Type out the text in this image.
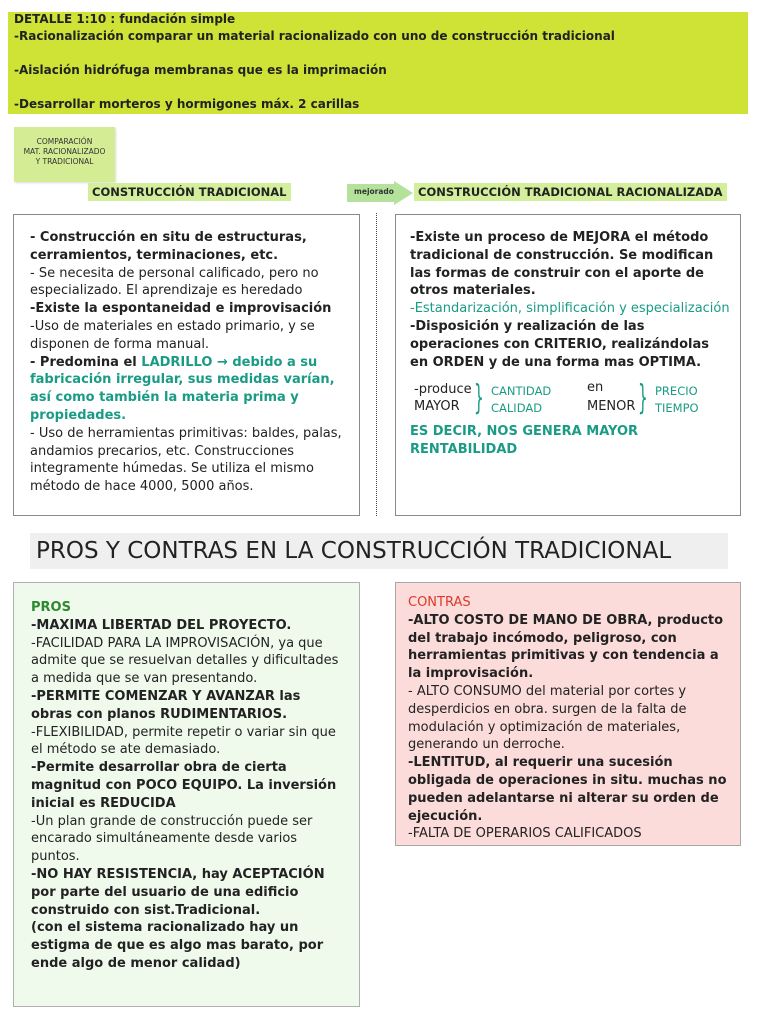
DETALLE 1:10 : fundación simple
-Racionalización comparar un material racionalizado con uno de construcción tradicional
-Aislación hidrófuga membranas que es la imprimación
-Desarrollar morteros y hormigones máx. 2 carillas
COMPARACIÓN
MAT. RACIONALIZADO
Y TRADICIONAL
CONSTRUCCIÓN TRADICIONAL	mejorado	CONSTRUCCIÓN TRADICIONAL RACIONALIZADA
- Construcción en situ de estructuras, cerramientos, terminaciones, etc.
- Se necesita de personal calificado, pero no especializado. El aprendizaje es heredado
-Existe la espontaneidad e improvisación
-Uso de materiales en estado primario, y se disponen de forma manual.
- Predomina el LADRILLO → debido a su fabricación irregular, sus medidas varían, así como también la materia prima y propiedades.
- Uso de herramientas primitivas: baldes, palas, andamios precarios, etc. Construcciones integramente húmedas. Se utiliza el mismo método de hace 4000, 5000 años.
-Existe un proceso de MEJORA el método tradicional de construcción. Se modifican las formas de construir con el aporte de otros materiales.
-Estandarización, simplificación y especialización
-Disposición y realización de las operaciones con CRITERIO, realizándolas en ORDEN y de una forma mas OPTIMA.
-produce
MAYOR } CANTIDAD
CALIDAD
en
MENOR } PRECIO
TIEMPO
ES DECIR, NOS GENERA MAYOR RENTABILIDAD
PROS Y CONTRAS EN LA CONSTRUCCIÓN TRADICIONAL
PROS
-MAXIMA LIBERTAD DEL PROYECTO.
-FACILIDAD PARA LA IMPROVISACIÓN, ya que admite que se resuelvan detalles y dificultades a medida que se van presentando.
-PERMITE COMENZAR Y AVANZAR las obras con planos RUDIMENTARIOS.
-FLEXIBILIDAD, permite repetir o variar sin que el método se ate demasiado.
-Permite desarrollar obra de cierta magnitud con POCO EQUIPO. La inversión inicial es REDUCIDA
-Un plan grande de construcción puede ser encarado simultáneamente desde varios puntos.
-NO HAY RESISTENCIA, hay ACEPTACIÓN por parte del usuario de una edificio construido con sist.Tradicional.
(con el sistema racionalizado hay un estigma de que es algo mas barato, por ende algo de menor calidad)
CONTRAS
-ALTO COSTO DE MANO DE OBRA, producto del trabajo incómodo, peligroso, con herramientas primitivas y con tendencia a la improvisación.
- ALTO CONSUMO del material por cortes y desperdicios en obra. surgen de la falta de modulación y optimización de materiales, generando un derroche.
-LENTITUD, al requerir una sucesión obligada de operaciones in situ. muchas no pueden adelantarse ni alterar su orden de ejecución.
-FALTA DE OPERARIOS CALIFICADOS
